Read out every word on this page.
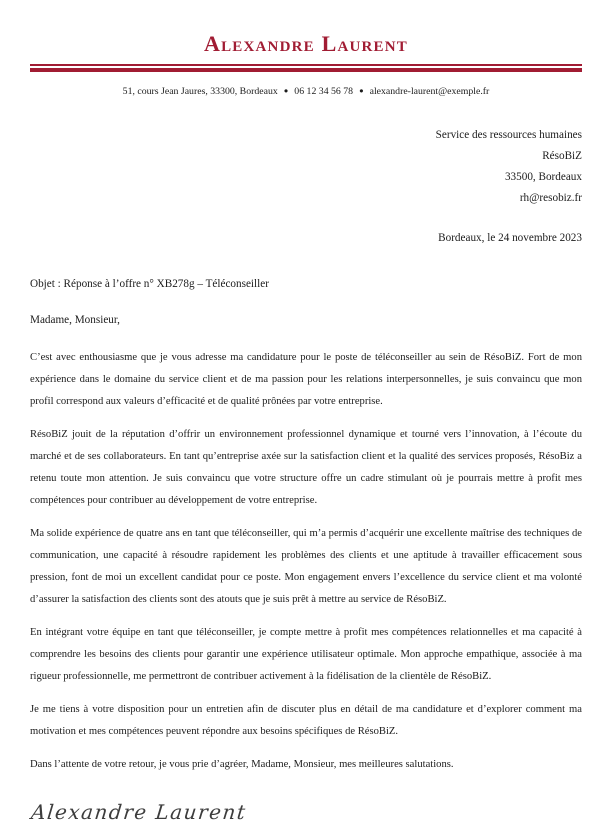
Alexandre Laurent
51, cours Jean Jaures, 33300, Bordeaux ● 06 12 34 56 78 ● alexandre-laurent@exemple.fr
Service des ressources humaines
RésoBiZ
33500, Bordeaux
rh@resobiz.fr
Bordeaux, le 24 novembre 2023
Objet : Réponse à l’offre n° XB278g – Téléconseiller
Madame, Monsieur,

C’est avec enthousiasme que je vous adresse ma candidature pour le poste de téléconseiller au sein de RésoBiZ. Fort de mon expérience dans le domaine du service client et de ma passion pour les relations interpersonnelles, je suis convaincu que mon profil correspond aux valeurs d’efficacité et de qualité prônées par votre entreprise.

RésoBiZ jouit de la réputation d’offrir un environnement professionnel dynamique et tourné vers l’innovation, à l’écoute du marché et de ses collaborateurs. En tant qu’entreprise axée sur la satisfaction client et la qualité des services proposés, RésoBiz a retenu toute mon attention. Je suis convaincu que votre structure offre un cadre stimulant où je pourrais mettre à profit mes compétences pour contribuer au développement de votre entreprise.

Ma solide expérience de quatre ans en tant que téléconseiller, qui m’a permis d’acquérir une excellente maîtrise des techniques de communication, une capacité à résoudre rapidement les problèmes des clients et une aptitude à travailler efficacement sous pression, font de moi un excellent candidat pour ce poste. Mon engagement envers l’excellence du service client et ma volonté d’assurer la satisfaction des clients sont des atouts que je suis prêt à mettre au service de RésoBiZ.

En intégrant votre équipe en tant que téléconseiller, je compte mettre à profit mes compétences relationnelles et ma capacité à comprendre les besoins des clients pour garantir une expérience utilisateur optimale. Mon approche empathique, associée à ma rigueur professionnelle, me permettront de contribuer activement à la fidélisation de la clientèle de RésoBiZ.

Je me tiens à votre disposition pour un entretien afin de discuter plus en détail de ma candidature et d’explorer comment ma motivation et mes compétences peuvent répondre aux besoins spécifiques de RésoBiZ.

Dans l’attente de votre retour, je vous prie d’agréer, Madame, Monsieur, mes meilleures salutations.

Alexandre Laurent
